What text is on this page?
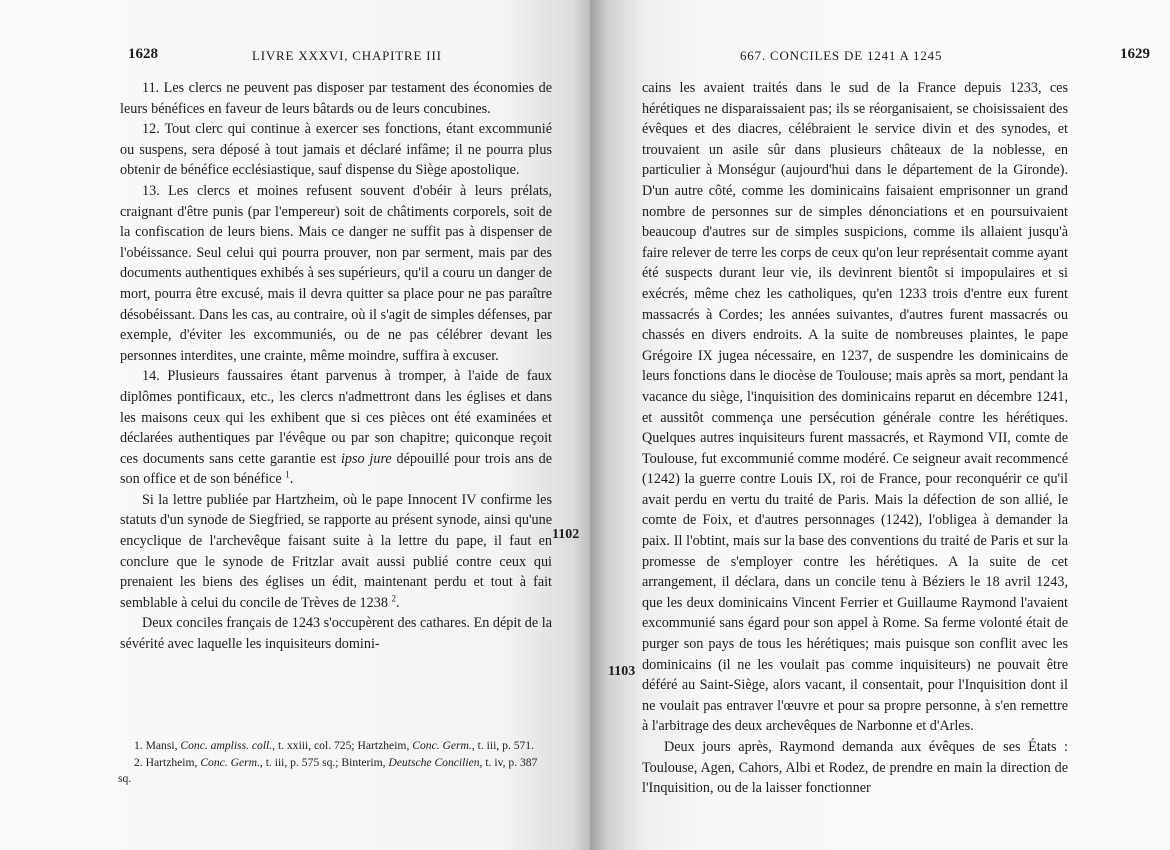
1628	LIVRE XXXVI, CHAPITRE III

11. Les clercs ne peuvent pas disposer par testament des économies de leurs bénéfices en faveur de leurs bâtards ou de leurs concubines.

12. Tout clerc qui continue à exercer ses fonctions, étant excommunié ou suspens, sera déposé à tout jamais et déclaré infâme; il ne pourra plus obtenir de bénéfice ecclésiastique, sauf dispense du Siège apostolique.

13. Les clercs et moines refusent souvent d'obéir à leurs prélats, craignant d'être punis (par l'empereur) soit de châtiments corporels, soit de la confiscation de leurs biens. Mais ce danger ne suffit pas à dispenser de l'obéissance. Seul celui qui pourra prouver, non par serment, mais par des documents authentiques exhibés à ses supérieurs, qu'il a couru un danger de mort, pourra être excusé, mais il devra quitter sa place pour ne pas paraître désobéissant. Dans les cas, au contraire, où il s'agit de simples défenses, par exemple, d'éviter les excommuniés, ou de ne pas célébrer devant les personnes interdites, une crainte, même moindre, suffira à excuser.

14. Plusieurs faussaires étant parvenus à tromper, à l'aide de faux diplômes pontificaux, etc., les clercs n'admettront dans les églises et dans les maisons ceux qui les exhibent que si ces pièces ont été examinées et déclarées authentiques par l'évêque ou par son chapitre; quiconque reçoit ces documents sans cette garantie est ipso jure dépouillé pour trois ans de son office et de son bénéfice $^1$.

Si la lettre publiée par Hartzheim, où le pape Innocent IV confirme les statuts d'un synode de Siegfried, se rapporte au présent synode, ainsi qu'une encyclique de l'archevêque faisant suite à la lettre du pape, il faut en conclure que le synode de Fritzlar avait aussi publié contre ceux qui prenaient les biens des églises un édit, maintenant perdu et tout à fait semblable à celui du concile de Trèves de 1238 $^2$.

Deux conciles français de 1243 s'occupèrent des cathares. En dépit de la sévérité avec laquelle les inquisiteurs domini-

1102

1. Mansi, Conc. ampliss. coll., t. xxiii, col. 725; Hartzheim, Conc. Germ., t. iii, p. 571.

2. Hartzheim, Conc. Germ., t. iii, p. 575 sq.; Binterim, Deutsche Concilien, t. iv, p. 387 sq.

667. CONCILES DE 1241 A 1245	1629

cains les avaient traités dans le sud de la France depuis 1233, ces hérétiques ne disparaissaient pas; ils se réorganisaient, se choisissaient des évêques et des diacres, célébraient le service divin et des synodes, et trouvaient un asile sûr dans plusieurs châteaux de la noblesse, en particulier à Monségur (aujourd'hui dans le département de la Gironde). D'un autre côté, comme les dominicains faisaient emprisonner un grand nombre de personnes sur de simples dénonciations et en poursuivaient beaucoup d'autres sur de simples suspicions, comme ils allaient jusqu'à faire relever de terre les corps de ceux qu'on leur représentait comme ayant été suspects durant leur vie, ils devinrent bientôt si impopulaires et si exécrés, même chez les catholiques, qu'en 1233 trois d'entre eux furent massacrés à Cordes; les années suivantes, d'autres furent massacrés ou chassés en divers endroits. A la suite de nombreuses plaintes, le pape Grégoire IX jugea nécessaire, en 1237, de suspendre les dominicains de leurs fonctions dans le diocèse de Toulouse; mais après sa mort, pendant la vacance du siège, l'inquisition des dominicains reparut en décembre 1241, et aussitôt commença une persécution générale contre les hérétiques. Quelques autres inquisiteurs furent massacrés, et Raymond VII, comte de Toulouse, fut excommunié comme modéré. Ce seigneur avait recommencé (1242) la guerre contre Louis IX, roi de France, pour reconquérir ce qu'il avait perdu en vertu du traité de Paris. Mais la défection de son allié, le comte de Foix, et d'autres personnages (1242), l'obligea à demander la paix. Il l'obtint, mais sur la base des conventions du traité de Paris et sur la promesse de s'employer contre les hérétiques. A la suite de cet arrangement, il déclara, dans un concile tenu à Béziers le 18 avril 1243, que les deux dominicains Vincent Ferrier et Guillaume Raymond l'avaient excommunié sans égard pour son appel à Rome. Sa ferme volonté était de purger son pays de tous les hérétiques; mais puisque son conflit avec les dominicains (il ne les voulait pas comme inquisiteurs) ne pouvait être déféré au Saint-Siège, alors vacant, il consentait, pour l'Inquisition dont il ne voulait pas entraver l'œuvre et pour sa propre personne, à s'en remettre à l'arbitrage des deux archevêques de Narbonne et d'Arles.

Deux jours après, Raymond demanda aux évêques de ses États : Toulouse, Agen, Cahors, Albi et Rodez, de prendre en main la direction de l'Inquisition, ou de la laisser fonctionner

1103
